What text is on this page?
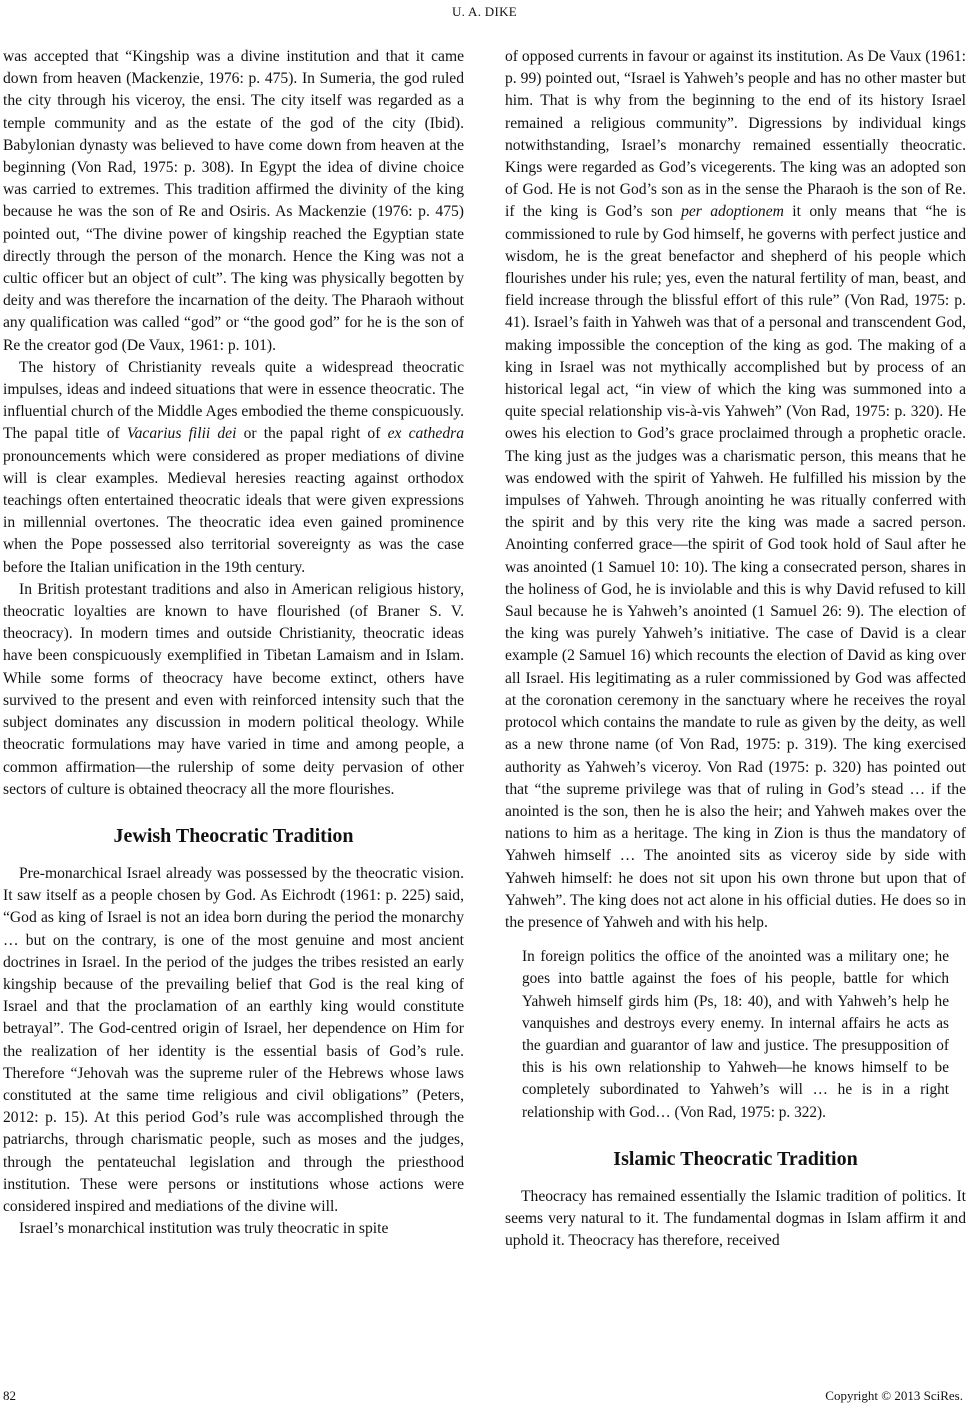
U. A. DIKE

was accepted that “Kingship was a divine institution and that it came down from heaven (Mackenzie, 1976: p. 475). In Sumeria, the god ruled the city through his viceroy, the ensi. The city itself was regarded as a temple community and as the estate of the god of the city (Ibid). Babylonian dynasty was believed to have come down from heaven at the beginning (Von Rad, 1975: p. 308). In Egypt the idea of divine choice was carried to extremes. This tradition affirmed the divinity of the king because he was the son of Re and Osiris. As Mackenzie (1976: p. 475) pointed out, “The divine power of kingship reached the Egyptian state directly through the person of the monarch. Hence the King was not a cultic officer but an object of cult”. The king was physically begotten by deity and was therefore the incarnation of the deity. The Pharaoh without any qualification was called “god” or “the good god” for he is the son of Re the creator god (De Vaux, 1961: p. 101).

The history of Christianity reveals quite a widespread theocratic impulses, ideas and indeed situations that were in essence theocratic. The influential church of the Middle Ages embodied the theme conspicuously. The papal title of Vacarius filii dei or the papal right of ex cathedra pronouncements which were considered as proper mediations of divine will is clear examples. Medieval heresies reacting against orthodox teachings often entertained theocratic ideals that were given expressions in millennial overtones. The theocratic idea even gained prominence when the Pope possessed also territorial sovereignty as was the case before the Italian unification in the 19th century.

In British protestant traditions and also in American religious history, theocratic loyalties are known to have flourished (of Braner S. V. theocracy). In modern times and outside Christianity, theocratic ideas have been conspicuously exemplified in Tibetan Lamaism and in Islam. While some forms of theocracy have become extinct, others have survived to the present and even with reinforced intensity such that the subject dominates any discussion in modern political theology. While theocratic formulations may have varied in time and among people, a common affirmation—the rulership of some deity pervasion of other sectors of culture is obtained theocracy all the more flourishes.

Jewish Theocratic Tradition

Pre-monarchical Israel already was possessed by the theocratic vision. It saw itself as a people chosen by God. As Eichrodt (1961: p. 225) said, “God as king of Israel is not an idea born during the period the monarchy … but on the contrary, is one of the most genuine and most ancient doctrines in Israel. In the period of the judges the tribes resisted an early kingship because of the prevailing belief that God is the real king of Israel and that the proclamation of an earthly king would constitute betrayal”. The God-centred origin of Israel, her dependence on Him for the realization of her identity is the essential basis of God’s rule. Therefore “Jehovah was the supreme ruler of the Hebrews whose laws constituted at the same time religious and civil obligations” (Peters, 2012: p. 15). At this period God’s rule was accomplished through the patriarchs, through charismatic people, such as moses and the judges, through the pentateuchal legislation and through the priesthood institution. These were persons or institutions whose actions were considered inspired and mediations of the divine will.

Israel’s monarchical institution was truly theocratic in spite

of opposed currents in favour or against its institution. As De Vaux (1961: p. 99) pointed out, “Israel is Yahweh’s people and has no other master but him. That is why from the beginning to the end of its history Israel remained a religious community”. Digressions by individual kings notwithstanding, Israel’s monarchy remained essentially theocratic. Kings were regarded as God’s vicegerents. The king was an adopted son of God. He is not God’s son as in the sense the Pharaoh is the son of Re. if the king is God’s son per adoptionem it only means that “he is commissioned to rule by God himself, he governs with perfect justice and wisdom, he is the great benefactor and shepherd of his people which flourishes under his rule; yes, even the natural fertility of man, beast, and field increase through the blissful effort of this rule” (Von Rad, 1975: p. 41). Israel’s faith in Yahweh was that of a personal and transcendent God, making impossible the conception of the king as god. The making of a king in Israel was not mythically accomplished but by process of an historical legal act, “in view of which the king was summoned into a quite special relationship vis-à-vis Yahweh” (Von Rad, 1975: p. 320). He owes his election to God’s grace proclaimed through a prophetic oracle. The king just as the judges was a charismatic person, this means that he was endowed with the spirit of Yahweh. He fulfilled his mission by the impulses of Yahweh. Through anointing he was ritually conferred with the spirit and by this very rite the king was made a sacred person. Anointing conferred grace—the spirit of God took hold of Saul after he was anointed (1 Samuel 10: 10). The king a consecrated person, shares in the holiness of God, he is inviolable and this is why David refused to kill Saul because he is Yahweh’s anointed (1 Samuel 26: 9). The election of the king was purely Yahweh’s initiative. The case of David is a clear example (2 Samuel 16) which recounts the election of David as king over all Israel. His legitimating as a ruler commissioned by God was affected at the coronation ceremony in the sanctuary where he receives the royal protocol which contains the mandate to rule as given by the deity, as well as a new throne name (of Von Rad, 1975: p. 319). The king exercised authority as Yahweh’s viceroy. Von Rad (1975: p. 320) has pointed out that “the supreme privilege was that of ruling in God’s stead … if the anointed is the son, then he is also the heir; and Yahweh makes over the nations to him as a heritage. The king in Zion is thus the mandatory of Yahweh himself … The anointed sits as viceroy side by side with Yahweh himself: he does not sit upon his own throne but upon that of Yahweh”. The king does not act alone in his official duties. He does so in the presence of Yahweh and with his help.

In foreign politics the office of the anointed was a military one; he goes into battle against the foes of his people, battle for which Yahweh himself girds him (Ps, 18: 40), and with Yahweh’s help he vanquishes and destroys every enemy. In internal affairs he acts as the guardian and guarantor of law and justice. The presupposition of this is his own relationship to Yahweh—he knows himself to be completely subordinated to Yahweh’s will … he is in a right relationship with God… (Von Rad, 1975: p. 322).
Islamic Theocratic Tradition

Theocracy has remained essentially the Islamic tradition of politics. It seems very natural to it. The fundamental dogmas in Islam affirm it and uphold it. Theocracy has therefore, received

82	Copyright © 2013 SciRes.
